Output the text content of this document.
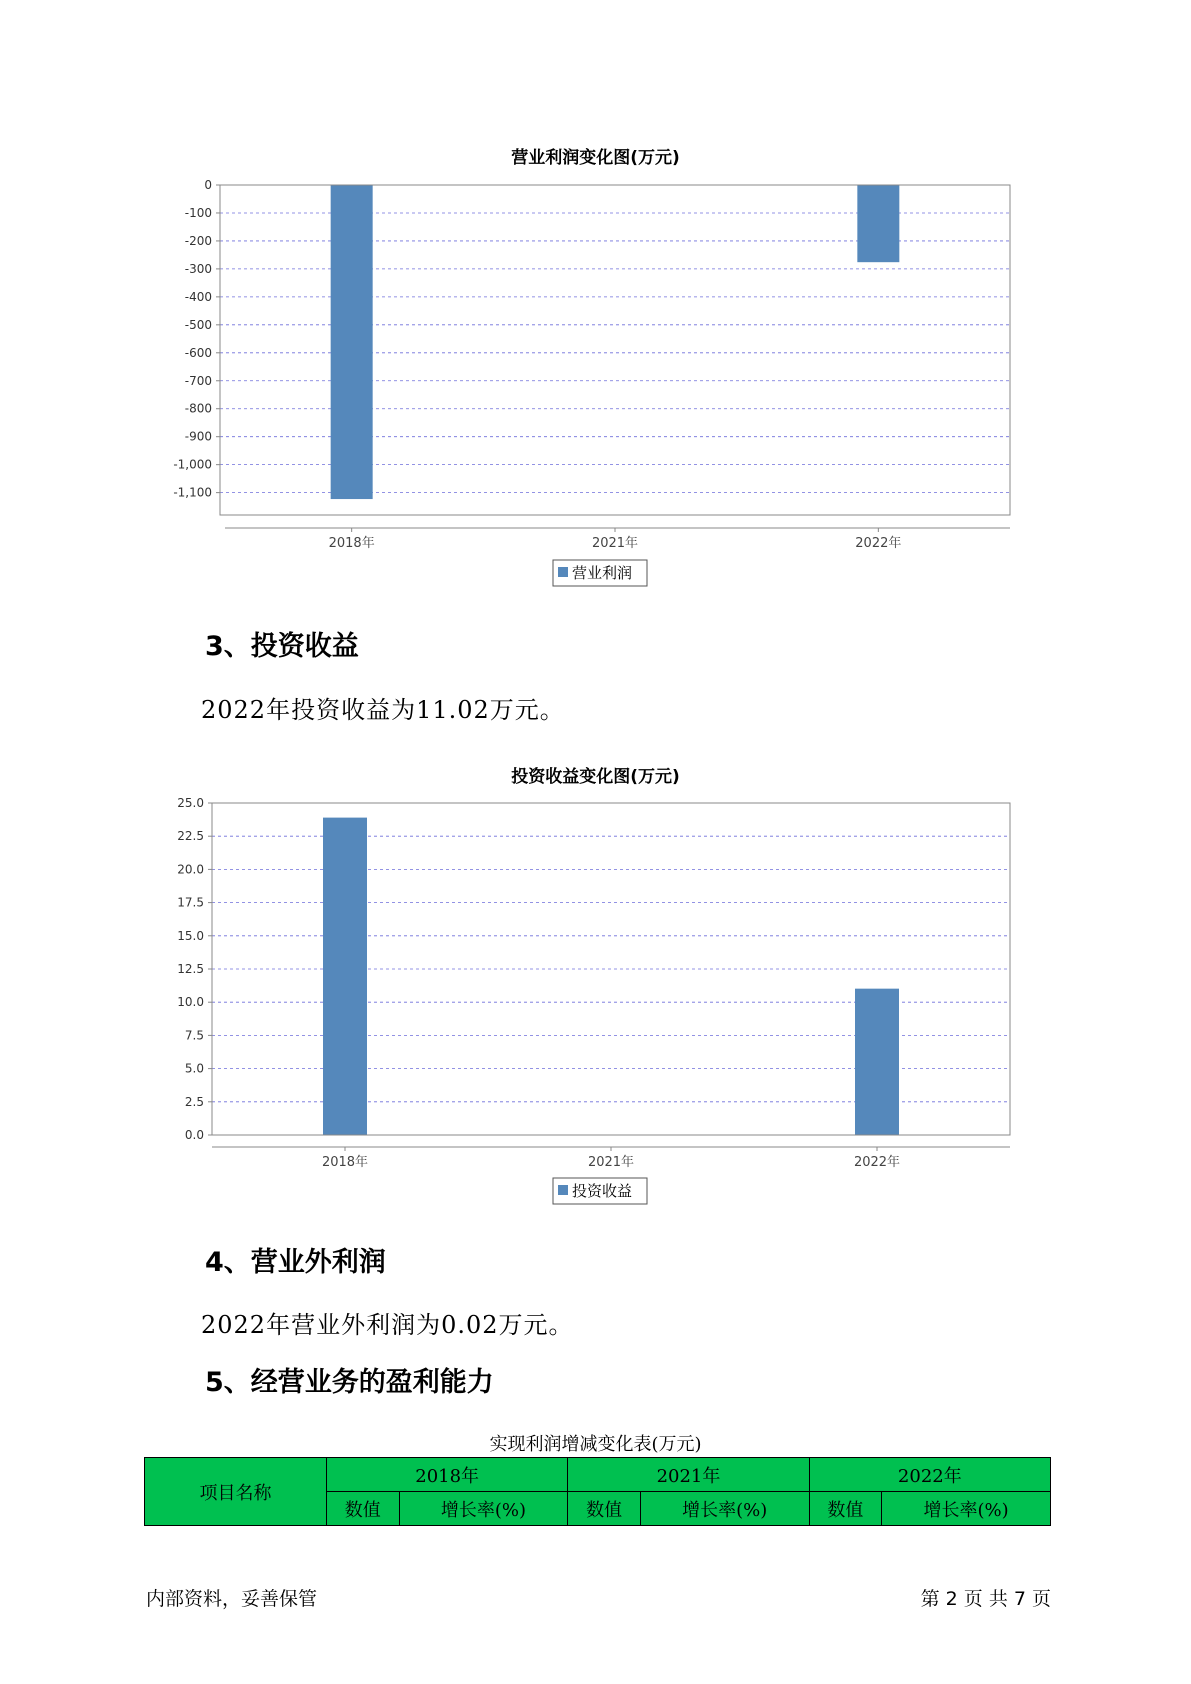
营业利润变化图(万元)
0
-100
-200
-300
-400
-500
-600
-700
-800
-900
-1,000
-1,100
2018年	2021年	2022年
营业利润
3、投资收益
2022年投资收益为11.02万元。
投资收益变化图(万元)
25.0
22.5
20.0
17.5
15.0
12.5
10.0
7.5
5.0
2.5
0.0
2018年	2021年	2022年
投资收益
4、营业外利润
2022年营业外利润为0.02万元。
5、经营业务的盈利能力
实现利润增减变化表(万元)
项目名称	2018年		2021年		2022年	
	数值	增长率(%)	数值	增长率(%)	数值	增长率(%)
内部资料，妥善保管	第 2 页 共 7 页
